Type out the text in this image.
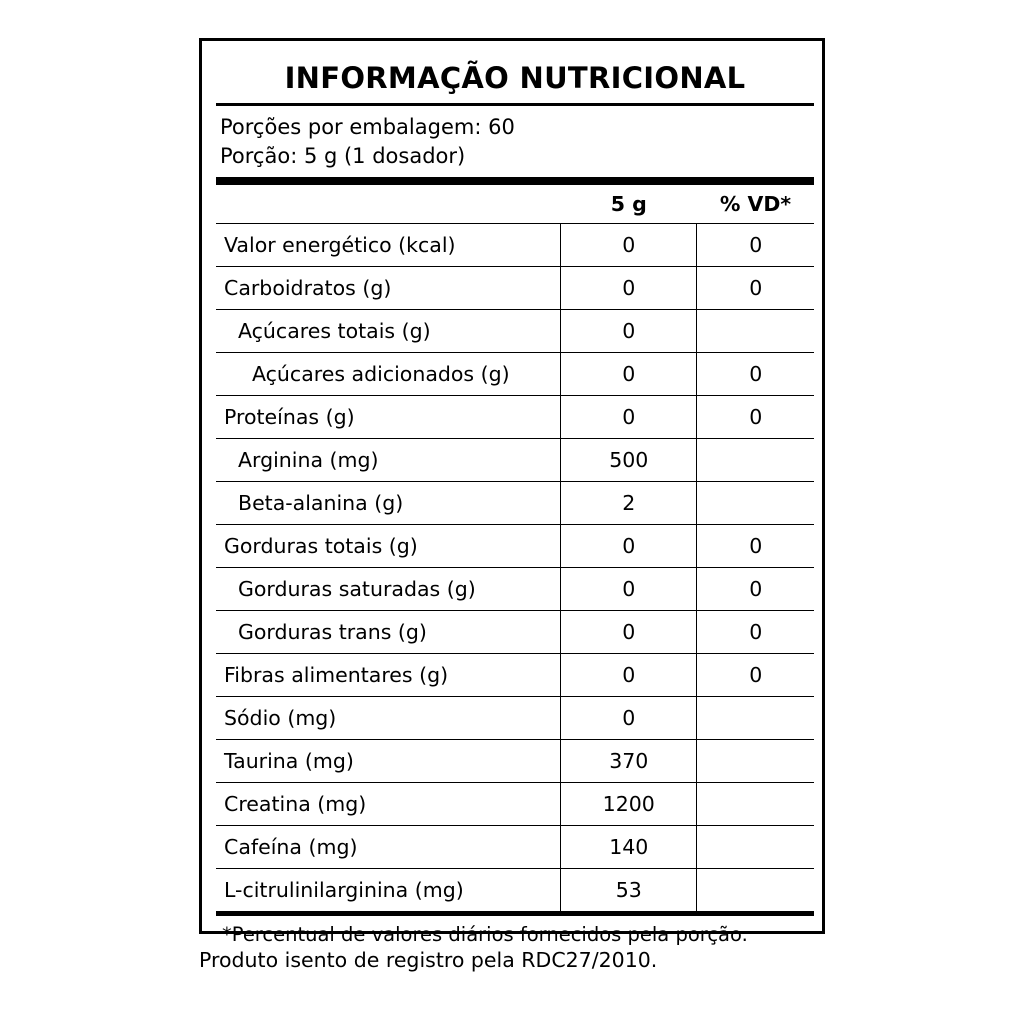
INFORMAÇÃO NUTRICIONAL
Porções por embalagem: 60
Porção: 5 g (1 dosador)
	5 g	% VD*
Valor energético (kcal)	0	0
Carboidratos (g)	0	0
Açúcares totais (g)	0	
Açúcares adicionados (g)	0	0
Proteínas (g)	0	0
Arginina (mg)	500	
Beta-alanina (g)	2	
Gorduras totais (g)	0	0
Gorduras saturadas (g)	0	0
Gorduras trans (g)	0	0
Fibras alimentares (g)	0	0
Sódio (mg)	0	
Taurina (mg)	370	
Creatina (mg)	1200	
Cafeína (mg)	140	
L-citrulinilarginina (mg)	53	
*Percentual de valores diários fornecidos pela porção.
Produto isento de registro pela RDC27/2010.
